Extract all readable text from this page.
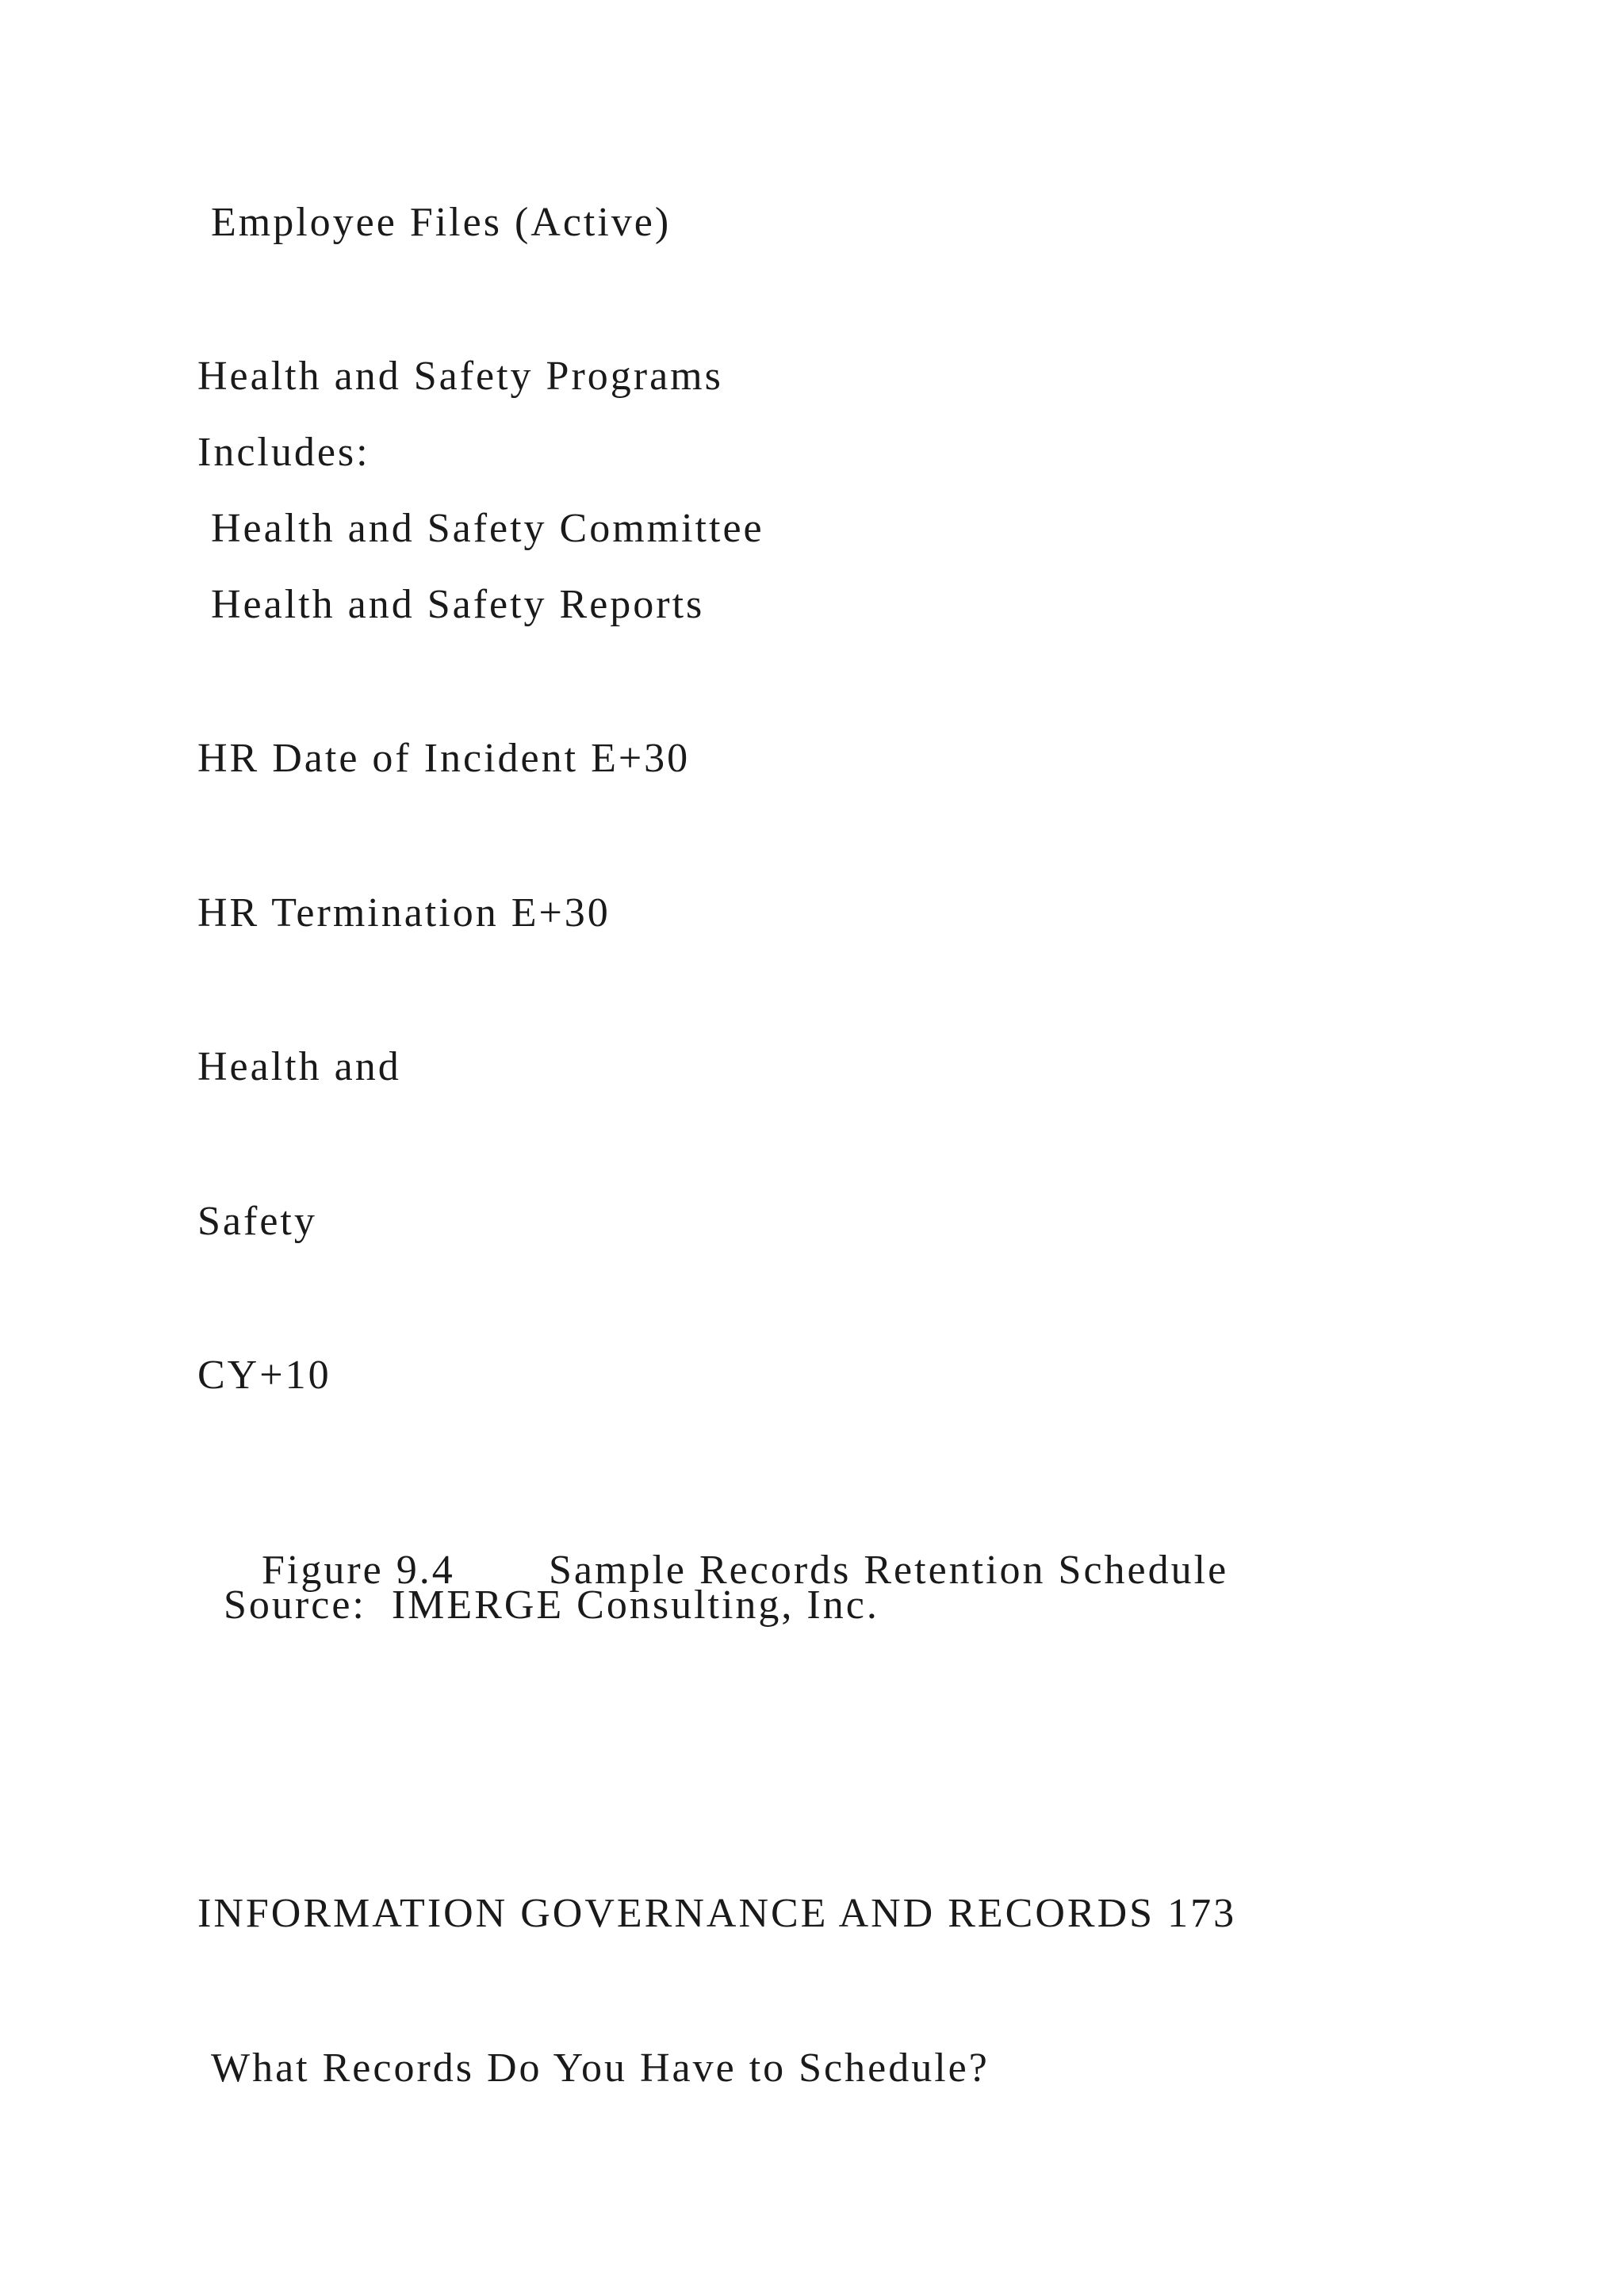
Employee Files (Active)
Health and Safety Programs
Includes:
Health and Safety Committee
Health and Safety Reports
HR Date of Incident E+30
HR Termination E+30
Health and
Safety
CY+10

Figure 9.4 Sample Records Retention Schedule

Source:  IMERGE Consulting, Inc.
INFORMATION GOVERNANCE AND RECORDS 173
What Records Do You Have to Schedule?
